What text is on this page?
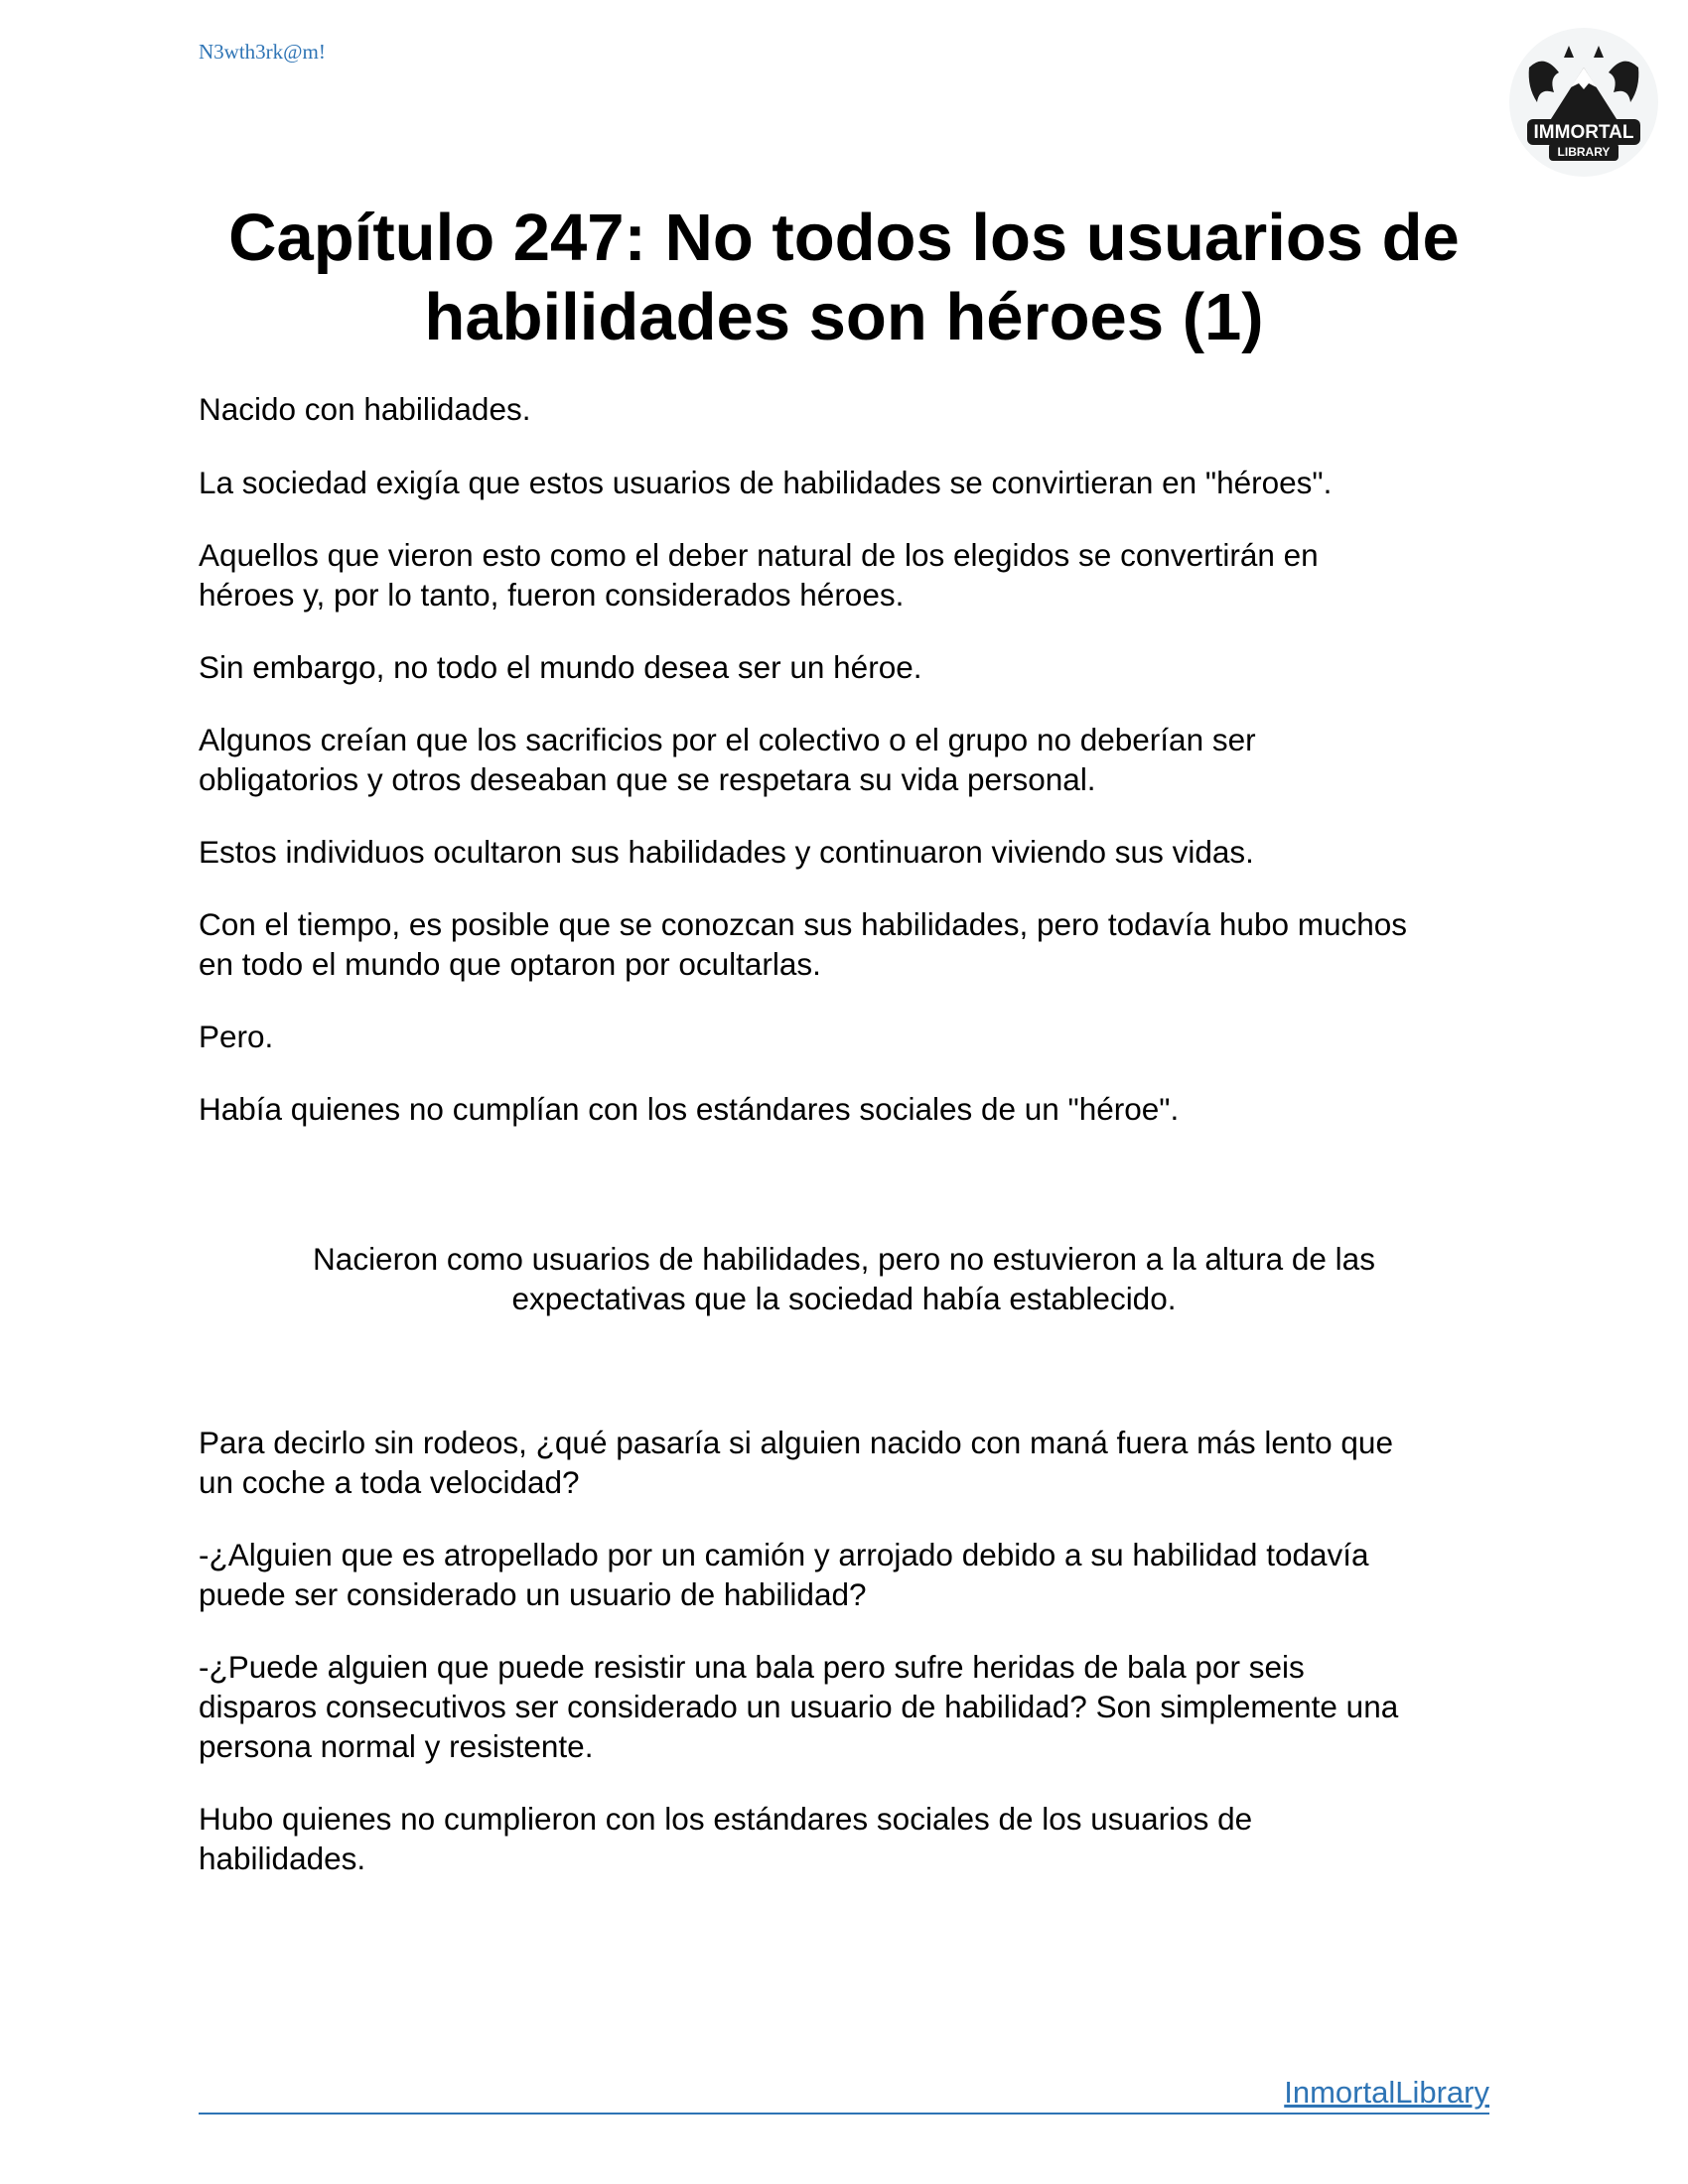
N3wth3rk@m!
IMMORTAL
LIBRARY
Capítulo 247: No todos los usuarios de
habilidades son héroes (1)

Nacido con habilidades.

La sociedad exigía que estos usuarios de habilidades se convirtieran en "héroes".

Aquellos que vieron esto como el deber natural de los elegidos se convertirán en
héroes y, por lo tanto, fueron considerados héroes.

Sin embargo, no todo el mundo desea ser un héroe.

Algunos creían que los sacrificios por el colectivo o el grupo no deberían ser
obligatorios y otros deseaban que se respetara su vida personal.

Estos individuos ocultaron sus habilidades y continuaron viviendo sus vidas.

Con el tiempo, es posible que se conozcan sus habilidades, pero todavía hubo muchos
en todo el mundo que optaron por ocultarlas.

Pero.

Había quienes no cumplían con los estándares sociales de un "héroe".

Nacieron como usuarios de habilidades, pero no estuvieron a la altura de las
expectativas que la sociedad había establecido.

Para decirlo sin rodeos, ¿qué pasaría si alguien nacido con maná fuera más lento que
un coche a toda velocidad?

-¿Alguien que es atropellado por un camión y arrojado debido a su habilidad todavía
puede ser considerado un usuario de habilidad?

-¿Puede alguien que puede resistir una bala pero sufre heridas de bala por seis
disparos consecutivos ser considerado un usuario de habilidad? Son simplemente una
persona normal y resistente.

Hubo quienes no cumplieron con los estándares sociales de los usuarios de
habilidades.

InmortalLibrary
